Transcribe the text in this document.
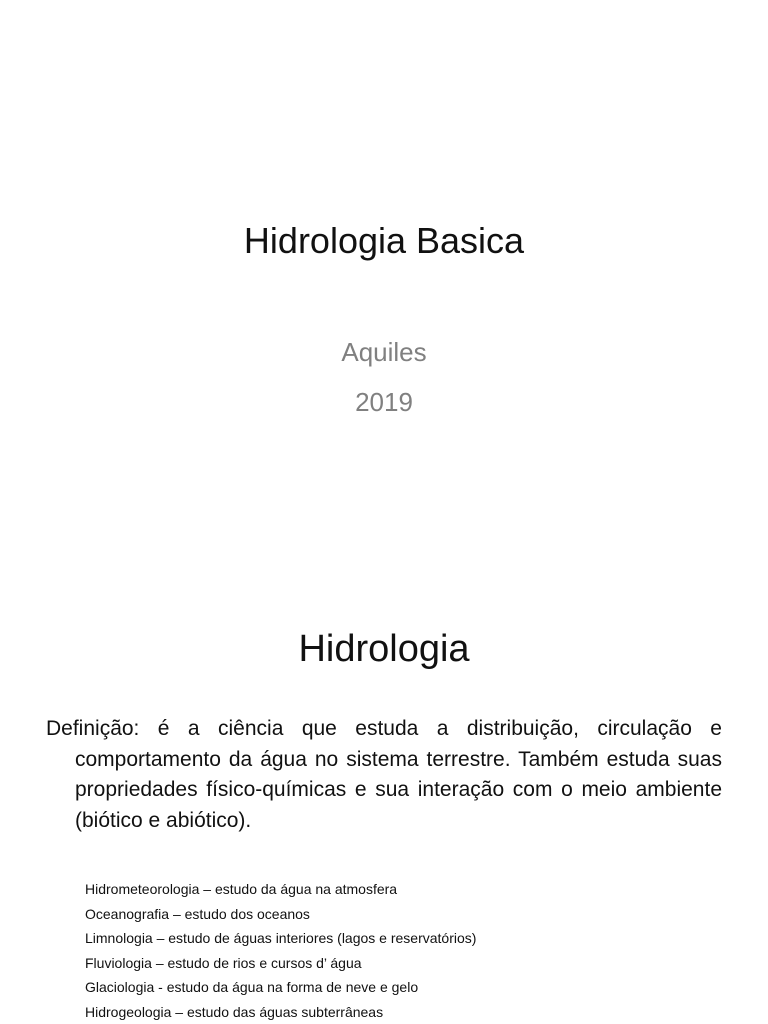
Hidrologia Basica
Aquiles
2019
Hidrologia
Definição: é a ciência que estuda a distribuição, circulação e comportamento da água no sistema terrestre. Também estuda suas propriedades físico-químicas e sua interação com o meio ambiente (biótico e abiótico).
Hidrometeorologia – estudo da água na atmosfera
Oceanografia – estudo dos oceanos
Limnologia – estudo de águas interiores (lagos e reservatórios)
Fluviologia – estudo de rios e cursos d’ água
Glaciologia - estudo da água na forma de neve e gelo
Hidrogeologia – estudo das águas subterrâneas
